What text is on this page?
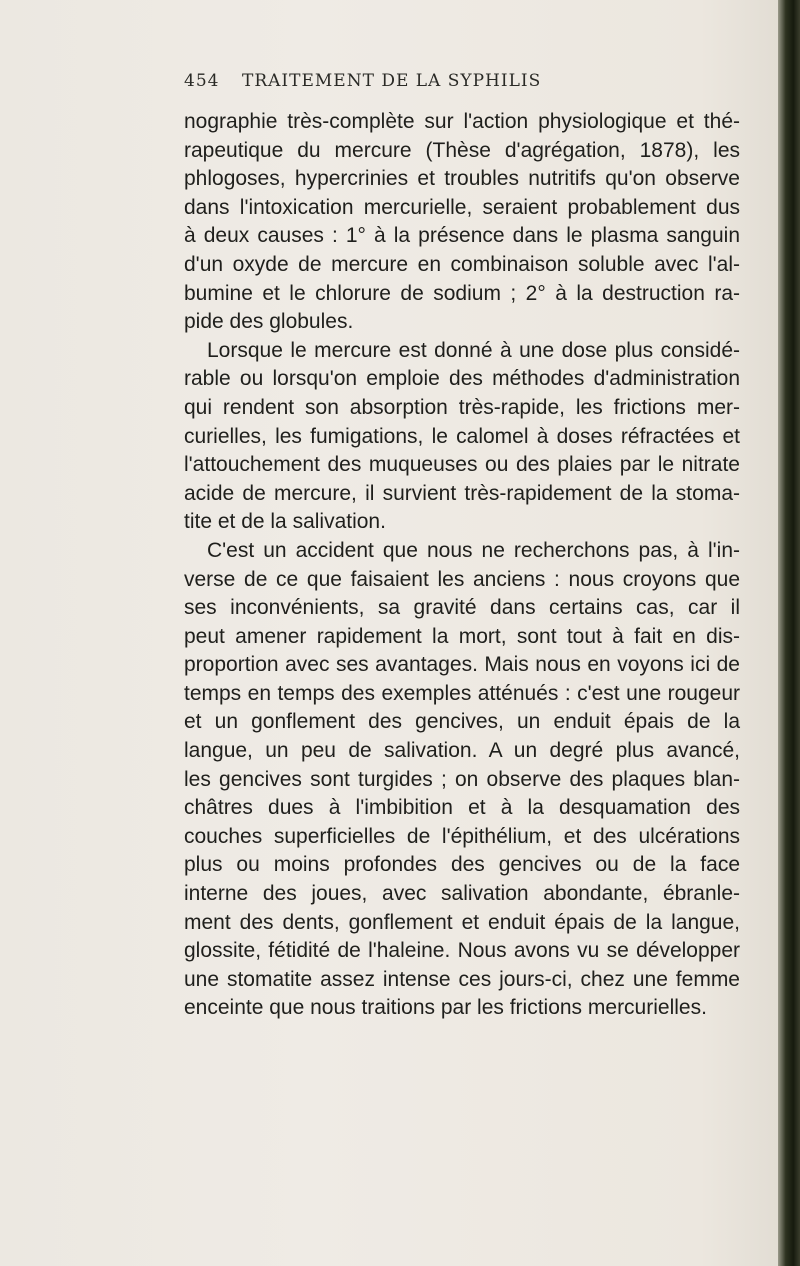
454 TRAITEMENT DE LA SYPHILIS
nographie très-complète sur l'action physiologique et thé-
rapeutique du mercure (Thèse d'agrégation, 1878), les
phlogoses, hypercrinies et troubles nutritifs qu'on observe
dans l'intoxication mercurielle, seraient probablement dus
à deux causes : 1° à la présence dans le plasma sanguin
d'un oxyde de mercure en combinaison soluble avec l'al-
bumine et le chlorure de sodium ; 2° à la destruction ra-
pide des globules.
Lorsque le mercure est donné à une dose plus considé-
rable ou lorsqu'on emploie des méthodes d'administration
qui rendent son absorption très-rapide, les frictions mer-
curielles, les fumigations, le calomel à doses réfractées et
l'attouchement des muqueuses ou des plaies par le nitrate
acide de mercure, il survient très-rapidement de la stoma-
tite et de la salivation.
C'est un accident que nous ne recherchons pas, à l'in-
verse de ce que faisaient les anciens : nous croyons que
ses inconvénients, sa gravité dans certains cas, car il
peut amener rapidement la mort, sont tout à fait en dis-
proportion avec ses avantages. Mais nous en voyons ici de
temps en temps des exemples atténués : c'est une rougeur
et un gonflement des gencives, un enduit épais de la
langue, un peu de salivation. A un degré plus avancé,
les gencives sont turgides ; on observe des plaques blan-
châtres dues à l'imbibition et à la desquamation des
couches superficielles de l'épithélium, et des ulcérations
plus ou moins profondes des gencives ou de la face
interne des joues, avec salivation abondante, ébranle-
ment des dents, gonflement et enduit épais de la langue,
glossite, fétidité de l'haleine. Nous avons vu se développer
une stomatite assez intense ces jours-ci, chez une femme
enceinte que nous traitions par les frictions mercurielles.
